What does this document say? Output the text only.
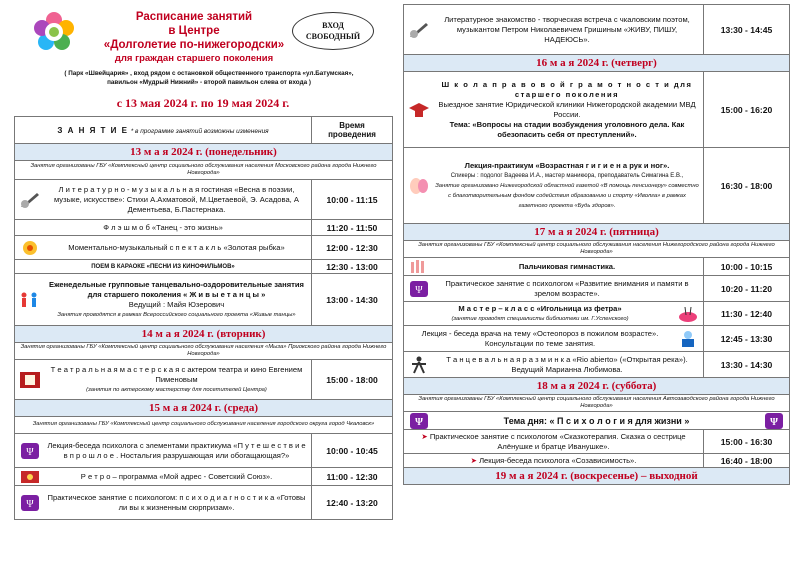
Расписание занятий
в Центре
«Долголетие по-нижегородски»
для граждан старшего поколения
ВХОД
СВОБОДНЫЙ
( Парк «Швейцария» , вход рядом с остановкой общественного транспорта «ул.Батумская»,
павильон «Мудрый Нижний» - второй павильон слева от входа )
с 13 мая 2024 г. по 19 мая 2024 г.
З А Н Я Т И Е * в программе занятий возможны изменения	Время проведения
13 м а я 2024 г. (понедельник)	
Занятия организованы ГБУ «Комплексный центр социального обслуживания населения Московского района города Нижнего Новгорода»	

Л и т е р а т у р н о - м у з ы к а л ь н а я гостиная «Весна в поэзии, музыке, искусстве»: Стихи А.Ахматовой, М.Цветаевой, Э. Асадова, А Дементьева, Б.Пастернака.	10:00 - 11:15
Ф л э ш м о б «Танец - это жизнь»	11:20 - 11:50

Моментально-музыкальный с п е к т а к л ь «Золотая рыбка»	12:00 - 12:30
ПОЕМ В КАРАОКЕ «ПЕСНИ ИЗ КИНОФИЛЬМОВ»	12:30 - 13:00

Еженедельные групповые танцевально-оздоровительные занятия для старшего поколения « Ж и в ы е т а н ц ы »
Ведущий : Майя Юзерович
Занятия проводятся в рамках Всероссийского социального проекта «Живые танцы»	13:00 - 14:30
14 м а я 2024 г. (вторник)	
Занятия организованы ГБУ «Комплексный центр социального обслуживания населения «Мыза» Приокского района города Нижнего Новгорода»	

Т е а т р а л ь н а я м а с т е р с к а я с актером театра и кино Евгением Пименовым
(занятия по актерскому мастерству для посетителей Центра)	15:00 - 18:00
15 м а я 2024 г. (среда)	
Занятия организованы ГБУ «Комплексный центр социального обслуживания населения городского округа город Чкаловск»	

Ψ
Лекция-беседа психолога с элементами практикума «П у т е ш е с т в и е в п р о ш л о е . Ностальгия разрушающая или обогащающая?»	10:00 - 10:45

Р е т р о – программа «Мой адрес - Советский Союз».	11:00 - 12:30

Ψ
Практическое занятие с психологом: п с и х о д и а г н о с т и к а «Готовы ли вы к жизненным сюрпризам».	12:40 - 13:20
Литературное знакомство - творческая встреча с чкаловским поэтом, музыкантом Петром Николаевичем Гришиным «ЖИВУ, ПИШУ, НАДЕЮСЬ».	13:30 - 14:45
16 м а я 2024 г. (четверг)	

Ш к о л а п р а в о в о й г р а м о т н о с т и для старшего поколения
Выездное занятие Юридической клиники Нижегородской академии МВД России.
Тема: «Вопросы на стадии возбуждения уголовного дела. Как обезопасить себя от преступлений».	15:00 - 16:20

Лекция-практикум «Возрастная г и г и е н а рук и ног».
Спикеры : подолог Вадеева И.А., мастер маникюра, преподаватель Симагина Е.В.,
Занятие организовано Нижегородской областной газетой «В помощь пенсионеру» совместно с благотворительным фондом содействия образованию и спорту «Иволга» в рамках газетного проекта «Будь здоров».	16:30 - 18:00
17 м а я 2024 г. (пятница)	
Занятия организованы ГБУ «Комплексный центр социального обслуживания населения Нижегородского района города Нижнего Новгорода»	

Пальчиковая гимнастика.	10:00 - 10:15

Ψ
Практическое занятие с психологом «Развитие внимания и памяти в зрелом возрасте».	10:20 - 11:20

М а с т е р – к л а с с «Игольница из фетра»
(занятие проводят специалисты библиотеки им. Г.Успенского)	11:30 - 12:40

Лекция - беседа врача на тему «Остеопороз в пожилом возрасте». Консультации по теме занятия.	12:45 - 13:30

Т а н ц е в а л ь н а я р а з м и н к а «Rio abierto» («Открытая река»). Ведущий Марианна Любимова.	13:30 - 14:30
18 м а я 2024 г. (суббота)	
Занятия организованы ГБУ «Комплексный центр социального обслуживания населения Автозаводского района города Нижнего Новгорода»	

Ψ Тема дня: « П с и х о л о г и я для жизни » Ψ	

➤ Практическое занятие с психологом «Сказкотерапия. Сказка о сестрице Алёнушке и братце Иванушке».	15:00 - 16:30
➤ Лекция-беседа психолога «Созависимость».	16:40 - 18:00
19 м а я 2024 г. (воскресенье) – выходной	
